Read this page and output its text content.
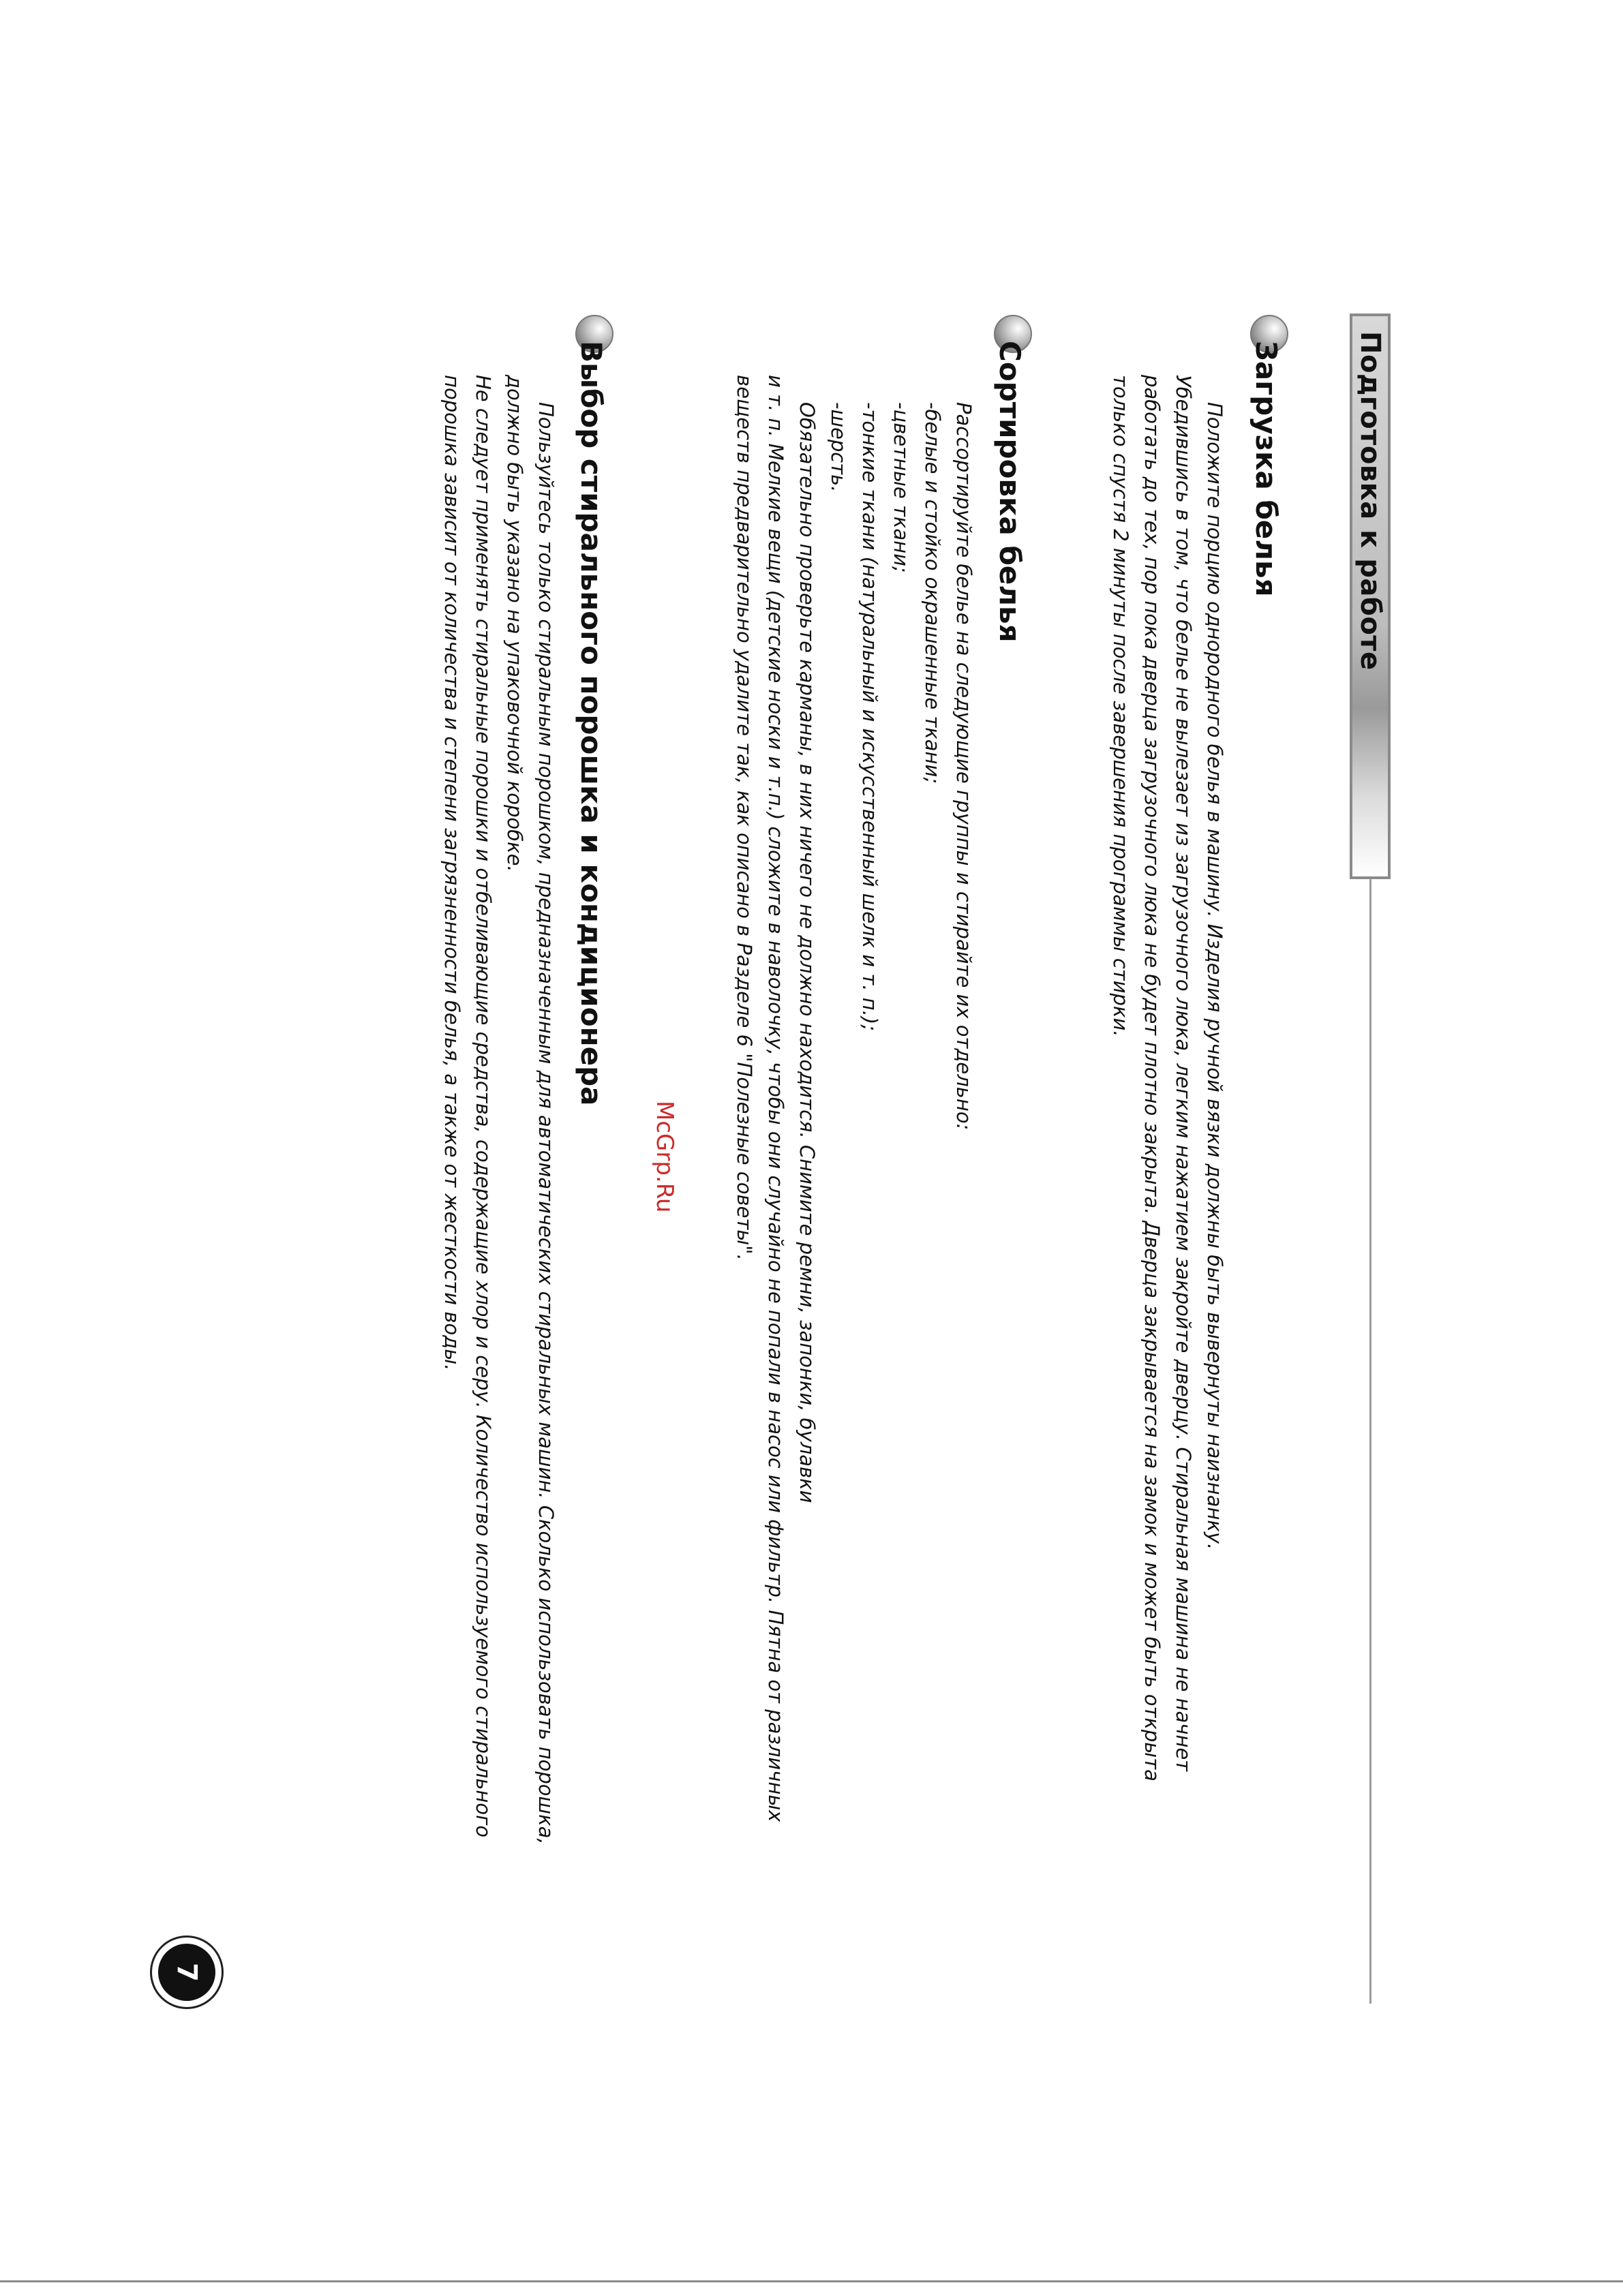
Подготовка к работе
Загрузка белья

Положите порцию однородного белья в машину. Изделия ручной вязки должны быть вывернуты наизнанку.

Убедившись в том, что белье не вылезает из загрузочного люка, легким нажатием закройте дверцу. Стиральная машина не начнет

работать до тех, пор пока дверца загрузочного люка не будет плотно закрыта. Дверца закрывается на замок и может быть открыта

только спустя 2 минуты после завершения программы стирки.

Сортировка белья

Рассортируйте белье на следующие группы и стирайте их отдельно:

-белые и стойко окрашенные ткани;

-цветные ткани;

-тонкие ткани (натуральный и искусственный шелк и т. п.);

-шерсть.

Обязательно проверьте карманы, в них ничего не должно находится. Снимите ремни, запонки, булавки

и т. п. Мелкие вещи (детские носки и т.п.) сложите в наволочку, чтобы они случайно не попали в насос или фильтр. Пятна от различных

веществ предварительно удалите так, как описано в Разделе 6 "Полезные советы".

Выбор стирального порошка и кондиционера

Пользуйтесь только стиральным порошком, предназначенным для автоматических стиральных машин. Сколько использовать порошка,

должно быть указано на упаковочной коробке.

Не следует применять стиральные порошки и отбеливающие средства, содержащие хлор и серу. Количество используемого стирального

порошка зависит от количества и степени загрязненности белья, а также от жесткости воды.	McGrp.Ru
7
